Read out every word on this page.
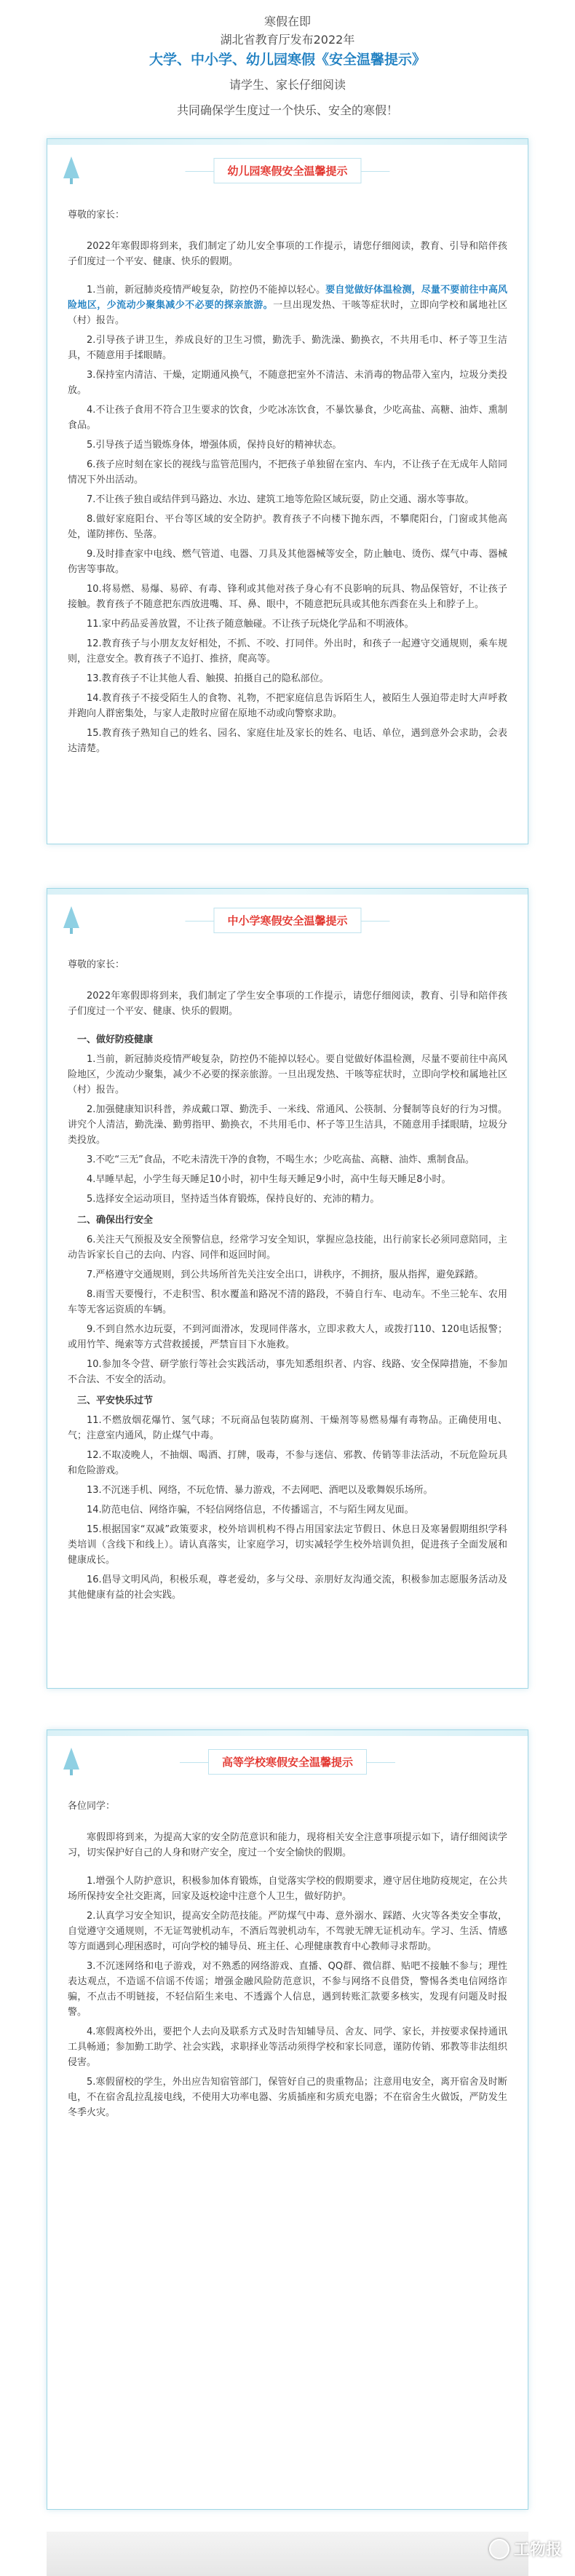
寒假在即
湖北省教育厅发布2022年
大学、中小学、幼儿园寒假《安全温馨提示》
请学生、家长仔细阅读
共同确保学生度过一个快乐、安全的寒假！
幼儿园寒假安全温馨提示

尊敬的家长：

2022年寒假即将到来，我们制定了幼儿安全事项的工作提示，请您仔细阅读，教育、引导和陪伴孩子们度过一个平安、健康、快乐的假期。

1.当前，新冠肺炎疫情严峻复杂，防控仍不能掉以轻心。要自觉做好体温检测，尽量不要前往中高风险地区，少流动少聚集减少不必要的探亲旅游。一旦出现发热、干咳等症状时，立即向学校和属地社区（村）报告。

2.引导孩子讲卫生，养成良好的卫生习惯，勤洗手、勤洗澡、勤换衣，不共用毛巾、杯子等卫生洁具，不随意用手揉眼睛。

3.保持室内清洁、干燥，定期通风换气，不随意把室外不清洁、未消毒的物品带入室内，垃圾分类投放。

4.不让孩子食用不符合卫生要求的饮食，少吃冰冻饮食，不暴饮暴食，少吃高盐、高糖、油炸、熏制食品。

5.引导孩子适当锻炼身体，增强体质，保持良好的精神状态。

6.孩子应时刻在家长的视线与监管范围内，不把孩子单独留在室内、车内，不让孩子在无成年人陪同情况下外出活动。

7.不让孩子独自或结伴到马路边、水边、建筑工地等危险区域玩耍，防止交通、溺水等事故。

8.做好家庭阳台、平台等区域的安全防护。教育孩子不向楼下抛东西，不攀爬阳台，门窗或其他高处，谨防摔伤、坠落。

9.及时排查家中电线、燃气管道、电器、刀具及其他器械等安全，防止触电、烫伤、煤气中毒、器械伤害等事故。

10.将易燃、易爆、易碎、有毒、锋利或其他对孩子身心有不良影响的玩具、物品保管好，不让孩子接触。教育孩子不随意把东西放进嘴、耳、鼻、眼中，不随意把玩具或其他东西套在头上和脖子上。

11.家中药品妥善放置，不让孩子随意触碰。不让孩子玩烧化学品和不明液体。

12.教育孩子与小朋友友好相处，不抓、不咬、打同伴。外出时，和孩子一起遵守交通规则，乘车规则，注意安全。教育孩子不追打、推挤，爬高等。

13.教育孩子不让其他人看、触摸、拍摄自己的隐私部位。

14.教育孩子不接受陌生人的食物、礼物，不把家庭信息告诉陌生人，被陌生人强迫带走时大声呼救并跑向人群密集处，与家人走散时应留在原地不动或向警察求助。

15.教育孩子熟知自己的姓名、园名、家庭住址及家长的姓名、电话、单位，遇到意外会求助，会表达清楚。

中小学寒假安全温馨提示

尊敬的家长：

2022年寒假即将到来，我们制定了学生安全事项的工作提示，请您仔细阅读，教育、引导和陪伴孩子们度过一个平安、健康、快乐的假期。

一、做好防疫健康

1.当前，新冠肺炎疫情严峻复杂，防控仍不能掉以轻心。要自觉做好体温检测，尽量不要前往中高风险地区，少流动少聚集，减少不必要的探亲旅游。一旦出现发热、干咳等症状时，立即向学校和属地社区（村）报告。

2.加强健康知识科普，养成戴口罩、勤洗手、一米线、常通风、公筷制、分餐制等良好的行为习惯。讲究个人清洁，勤洗澡、勤剪指甲、勤换衣，不共用毛巾、杯子等卫生洁具，不随意用手揉眼睛，垃圾分类投放。

3.不吃“三无”食品，不吃未清洗干净的食物，不喝生水；少吃高盐、高糖、油炸、熏制食品。

4.早睡早起，小学生每天睡足10小时，初中生每天睡足9小时，高中生每天睡足8小时。

5.选择安全运动项目，坚持适当体育锻炼，保持良好的、充沛的精力。

二、确保出行安全

6.关注天气预报及安全预警信息，经常学习安全知识，掌握应急技能，出行前家长必须同意陪同，主动告诉家长自己的去向、内容、同伴和返回时间。

7.严格遵守交通规则，到公共场所首先关注安全出口，讲秩序，不拥挤，服从指挥，避免踩踏。

8.雨雪天要慢行，不走积雪、积水覆盖和路况不清的路段，不骑自行车、电动车。不坐三轮车、农用车等无客运资质的车辆。

9.不到自然水边玩耍，不到河面滑冰，发现同伴落水，立即求救大人，或拨打110、120电话报警；或用竹竿、绳索等方式营救援援，严禁盲目下水施救。

10.参加冬令营、研学旅行等社会实践活动，事先知悉组织者、内容、线路、安全保障措施，不参加不合法、不安全的活动。

三、平安快乐过节

11.不燃放烟花爆竹、氢气球；不玩商品包装防腐剂、干燥剂等易燃易爆有毒物品。正确使用电、气；注意室内通风，防止煤气中毒。

12.不取凌晚人，不抽烟、喝酒、打牌，吸毒，不参与迷信、邪教、传销等非法活动，不玩危险玩具和危险游戏。

13.不沉迷手机、网络，不玩危情、暴力游戏，不去网吧、酒吧以及歌舞娱乐场所。

14.防范电信、网络诈骗，不轻信网络信息，不传播谣言，不与陌生网友见面。

15.根据国家“双减”政策要求，校外培训机构不得占用国家法定节假日、休息日及寒暑假期组织学科类培训（含线下和线上）。请认真落实，让家庭学习，切实减轻学生校外培训负担，促进孩子全面发展和健康成长。

16.倡导文明风尚，积极乐观，尊老爱幼，多与父母、亲朋好友沟通交流，积极参加志愿服务活动及其他健康有益的社会实践。

高等学校寒假安全温馨提示

各位同学：

寒假即将到来，为提高大家的安全防范意识和能力，现将相关安全注意事项提示如下，请仔细阅读学习，切实保护好自己的人身和财产安全，度过一个安全愉快的假期。

1.增强个人防护意识，积极参加体育锻炼，自觉落实学校的假期要求，遵守居住地防疫规定，在公共场所保持安全社交距离，回家及返校途中注意个人卫生，做好防护。

2.认真学习安全知识，提高安全防范技能。严防煤气中毒、意外溺水、踩踏、火灾等各类安全事故，自觉遵守交通规则，不无证驾驶机动车，不酒后驾驶机动车，不驾驶无牌无证机动车。学习、生活、情感等方面遇到心理困惑时，可向学校的辅导员、班主任、心理健康教育中心教师寻求帮助。

3.不沉迷网络和电子游戏，对不熟悉的网络游戏、直播、QQ群、微信群、贴吧不接触不参与；理性表达观点，不造谣不信谣不传谣；增强金融风险防范意识，不参与网络不良借贷，警惕各类电信网络诈骗，不点击不明链接，不轻信陌生来电、不透露个人信息，遇到转账汇款要多核实，发现有问题及时报警。

4.寒假离校外出，要把个人去向及联系方式及时告知辅导员、舍友、同学、家长，并按要求保持通讯工具畅通；参加勤工助学、社会实践，求职择业等活动须得学校和家长同意，谨防传销、邪教等非法组织侵害。

5.寒假留校的学生，外出应告知宿管部门，保管好自己的贵重物品；注意用电安全，离开宿舍及时断电，不在宿舍乱拉乱接电线，不使用大功率电器、劣质插座和劣质充电器；不在宿舍生火做饭，严防发生冬季火灾。

工物报
